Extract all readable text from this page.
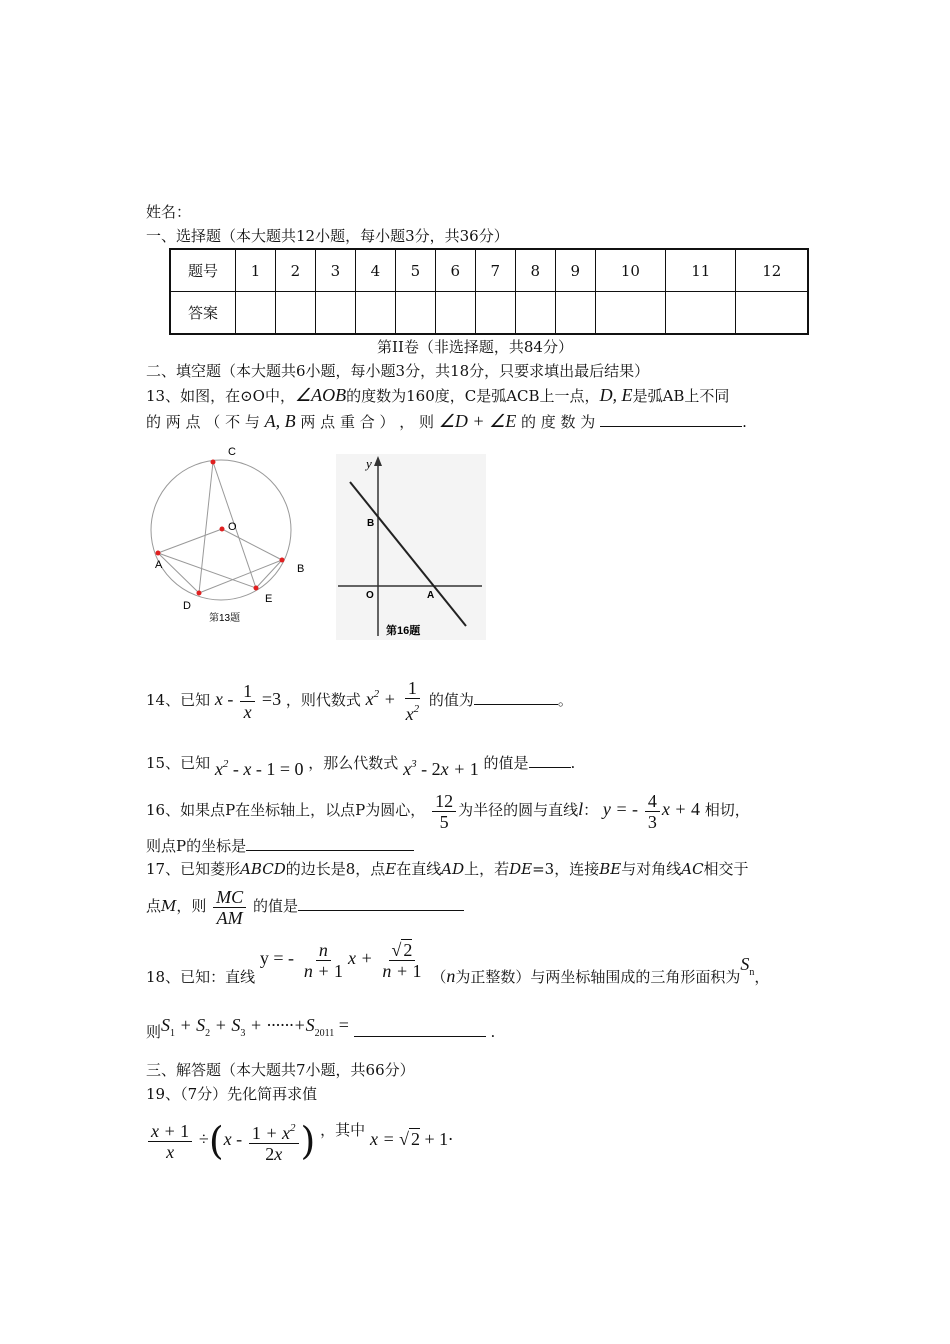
姓名：
一、选择题（本大题共12小题，每小题3分，共36分）
题号	1	2	3	4	5	6	7	8	9	10	11	12
答案												
第II卷（非选择题，共84分）
二、填空题（本大题共6小题，每小题3分，共18分，只要求填出最后结果）
13、如图，在⊙O中，∠AOB的度数为160度，C是弧ACB上一点，D, E是弧AB上不同
的 两 点 （ 不 与 A, B 两 点 重 合 ） ， 则 ∠D + ∠E 的 度 数 为	.
C
O
A	B
D
E
第13题
y
B
O	A
第16题
14、已知 $x - \frac{1}{x} =3$ ，则代数式 $x^2 + \frac{1}{x^2}$ 的值为	。
15、已知 $x^2 - x - 1 = 0$ ，那么代数式 $x^3 - 2x + 1$ 的值是	.
16、如果点P在坐标轴上，以点P为圆心， $\frac{12}{5}$ 为半径的圆与直线l： y = - $\frac{4}{3}$ x + 4 相切，
则点P的坐标是
17、已知菱形ABCD的边长是8，点E在直线AD上，若DE=3，连接BE与对角线AC相交于
点M，则 $\frac{MC}{AM}$ 的值是
18、已知：直线 y = - $\frac{n}{n + 1}$ $x + \frac{√ 2}{n + 1} (n$为正整数）与两坐标轴围成的三角形面积为$S_n$，
则$S_1 + S_2 + S_3 + \cdot\cdot\cdot\cdot\cdot\cdot+S_{2011}$ =	.
三、解答题（本大题共7小题，共66分）
19、（7分）先化简再求值
$\frac{x + 1}{x} \div(x - \frac{1 + x^2}{2x}$ ) ，其中 x = √ 2 + 1·
